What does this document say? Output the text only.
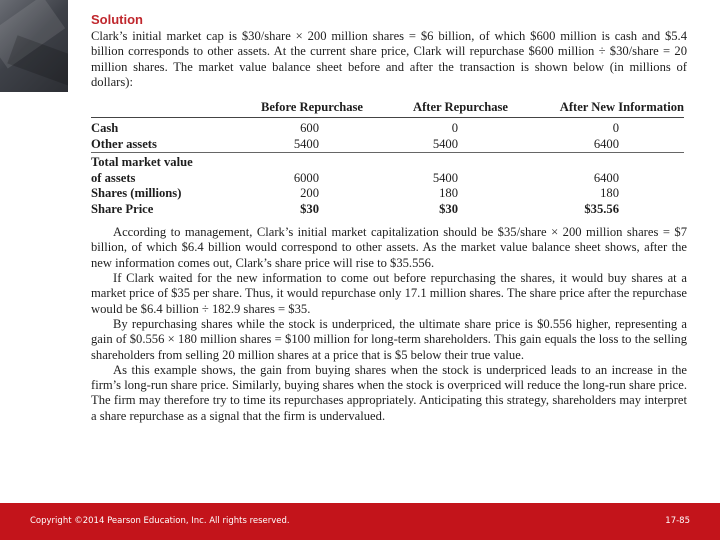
Solution

Clark’s initial market cap is $30/share × 200 million shares = $6 billion, of which $600 million is cash and $5.4 billion corresponds to other assets. At the current share price, Clark will repurchase $600 million ÷ $30/share = 20 million shares. The market value balance sheet before and after the transaction is shown below (in millions of dollars):

	Before Repurchase	After Repurchase	After New Information
Cash	600	0	0
Other assets	5400	5400	6400
Total market value
of assets	6000	5400	6400
Shares (millions)	200	180	180
Share Price	$30	$30	$35.56

According to management, Clark’s initial market capitalization should be $35/share × 200 million shares = $7 billion, of which $6.4 billion would correspond to other assets. As the market value balance sheet shows, after the new information comes out, Clark’s share price will rise to $35.556.

If Clark waited for the new information to come out before repurchasing the shares, it would buy shares at a market price of $35 per share. Thus, it would repurchase only 17.1 million shares. The share price after the repurchase would be $6.4 billion ÷ 182.9 shares = $35.

By repurchasing shares while the stock is underpriced, the ultimate share price is $0.556 higher, representing a gain of $0.556 × 180 million shares = $100 million for long-term shareholders. This gain equals the loss to the selling shareholders from selling 20 million shares at a price that is $5 below their true value.

As this example shows, the gain from buying shares when the stock is underpriced leads to an increase in the firm’s long-run share price. Similarly, buying shares when the stock is overpriced will reduce the long-run share price. The firm may therefore try to time its repurchases appropriately. Anticipating this strategy, shareholders may interpret a share repurchase as a signal that the firm is undervalued.

Copyright ©2014 Pearson Education, Inc. All rights reserved.	17-85
